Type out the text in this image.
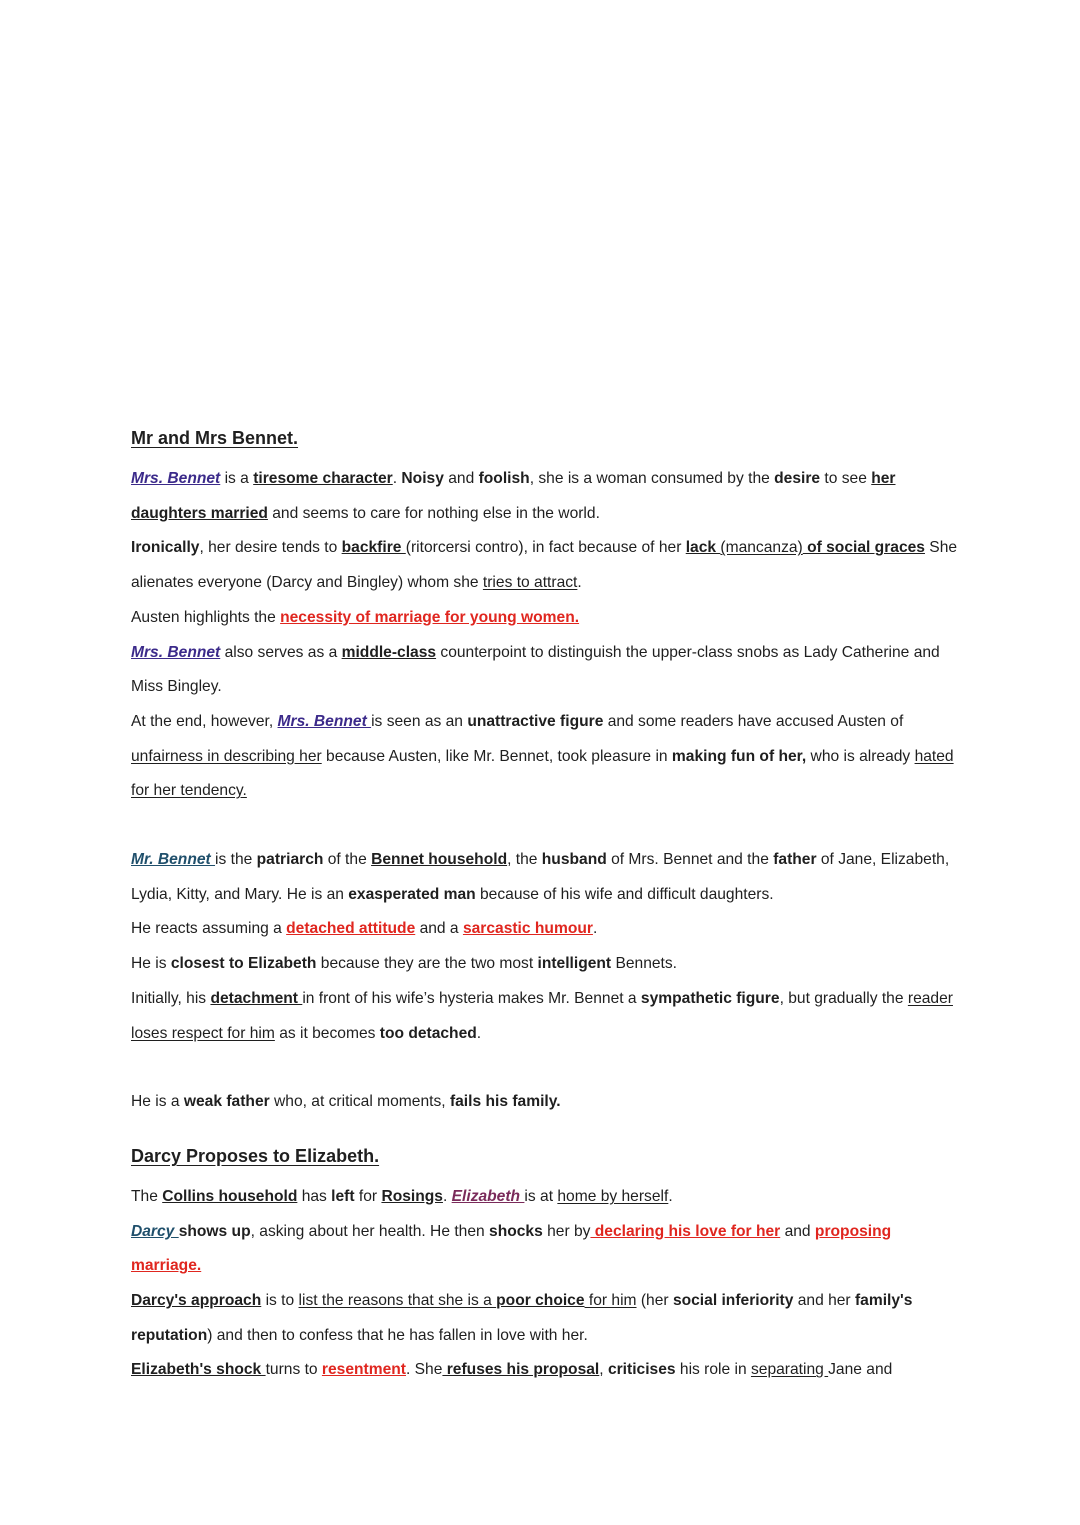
Mr and Mrs Bennet.

Mrs. Bennet is a tiresome character. Noisy and foolish, she is a woman consumed by the desire to see her daughters married and seems to care for nothing else in the world.

Ironically, her desire tends to backfire (ritorcersi contro), in fact because of her lack (mancanza) of social graces She alienates everyone (Darcy and Bingley) whom she tries to attract.

Austen highlights the necessity of marriage for young women.

Mrs. Bennet also serves as a middle-class counterpoint to distinguish the upper-class snobs as Lady Catherine and Miss Bingley.

At the end, however, Mrs. Bennet is seen as an unattractive figure and some readers have accused Austen of unfairness in describing her because Austen, like Mr. Bennet, took pleasure in making fun of her, who is already hated for her tendency.

Mr. Bennet is the patriarch of the Bennet household, the husband of Mrs. Bennet and the father of Jane, Elizabeth, Lydia, Kitty, and Mary. He is an exasperated man because of his wife and difficult daughters.

He reacts assuming a detached attitude and a sarcastic humour.

He is closest to Elizabeth because they are the two most intelligent Bennets.

Initially, his detachment in front of his wife’s hysteria makes Mr. Bennet a sympathetic figure, but gradually the reader loses respect for him as it becomes too detached.

He is a weak father who, at critical moments, fails his family.

Darcy Proposes to Elizabeth.

The Collins household has left for Rosings. Elizabeth is at home by herself.

Darcy shows up, asking about her health. He then shocks her by declaring his love for her and proposing marriage.

Darcy's approach is to list the reasons that she is a poor choice for him (her social inferiority and her family's reputation) and then to confess that he has fallen in love with her.

Elizabeth's shock turns to resentment. She refuses his proposal, criticises his role in separating Jane and
